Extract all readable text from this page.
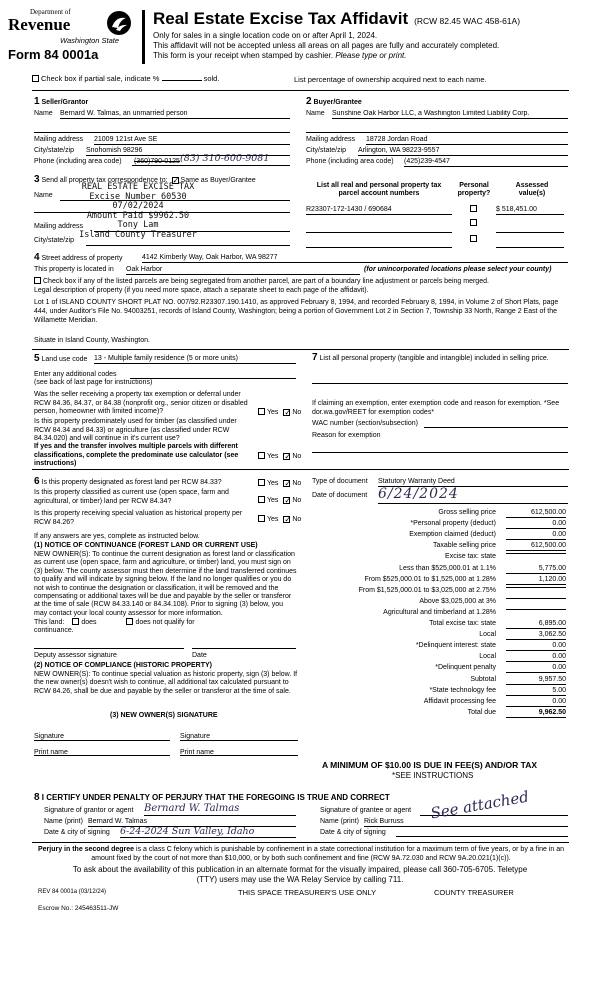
Department of
Revenue
Washington State
Form 84 0001a
Real Estate Excise Tax Affidavit (RCW 82.45 WAC 458-61A)
Only for sales in a single location code on or after April 1, 2024.
This affidavit will not be accepted unless all areas on all pages are fully and accurately completed.
This form is your receipt when stamped by cashier. Please type or print.
Check box if partial sale, indicate %	sold.	List percentage of ownership acquired next to each name.
1 Seller/Grantor
Name Bernard W. Talmas, an unmarried person
Mailing address 21009 121st Ave SE
City/state/zip Snohomish 98296
Phone (including area code) (360)790-0125 (83) 310-600-9081
2 Buyer/Grantee
Name Sunshine Oak Harbor LLC, a Washington Limited Liability Corp.
Mailing address 18728 Jordan Road
City/state/zip Arlington, WA 98223-9557
Phone (including area code) (425)239-4547
3 Send all property tax correspondence to: ✓ Same as Buyer/Grantee
Name
Mailing address
City/state/zip
REAL ESTATE EXCISE TAX
Excise Number 60530
07/02/2024
Amount Paid $9962.50
Tony Lam
Island County Treasurer
List all real and personal property tax
parcel account numbers
Personal
property?
Assessed
value(s)
R23307-172-1430 / 690684	$ 518,451.00
4 Street address of property	4142 Kimberly Way, Oak Harbor, WA 98277
This property is located in Oak Harbor	(for unincorporated locations please select your county)
Check box if any of the listed parcels are being segregated from another parcel, are part of a boundary line adjustment or parcels being merged.
Legal description of property (if you need more space, attach a separate sheet to each page of the affidavit).
Lot 1 of ISLAND COUNTY SHORT PLAT NO. 007/92.R23307.190.1410, as approved February 8, 1994, and recorded February 8, 1994, in Volume 2 of Short Plats, page 444, under Auditor's File No. 94003251, records of Island County, Washington; being a portion of Government Lot 2 in Section 7, Township 33 North, Range 2 East of the Willamette Meridian.
Situate in Island County, Washington.
5 Land use code 13 - Multiple family residence (5 or more units)
Enter any additional codes
(see back of last page for instructions)
Was the seller receiving a property tax exemption or deferral under RCW 84.36, 84.37, or 84.38 (nonprofit org., senior citizen or disabled person, homeowner with limited income)?	Yes ✓ No
Is this property predominately used for timber (as classified under RCW 84.34 and 84.33) or agriculture (as classified under RCW 84.34.020) and will continue in it's current use?
If yes and the transfer involves multiple parcels with different classifications, complete the predominate use calculator (see instructions)
Yes ✓ No
7 List all personal property (tangible and intangible) included in selling price.
If claiming an exemption, enter exemption code and reason for exemption. *See dor.wa.gov/REET for exemption codes*
WAC number (section/subsection)
Reason for exemption
6 Is this property designated as forest land per RCW 84.33?	Yes ✓ No
Is this property classified as current use (open space, farm and agricultural, or timber) land per RCW 84.34?	Yes ✓ No
Is this property receiving special valuation as historical property per RCW 84.26?	Yes ✓ No
If any answers are yes, complete as instructed below.
(1) NOTICE OF CONTINUANCE (FOREST LAND OR CURRENT USE)
NEW OWNER(S): To continue the current designation as forest land or classification as current use (open space, farm and agriculture, or timber) land, you must sign on (3) below. The county assessor must then determine if the land transferred continues to qualify and will indicate by signing below. If the land no longer qualifies or you do not wish to continue the designation or classification, it will be removed and the compensating or additional taxes will be due and payable by the seller or transferor at the time of sale (RCW 84.33.140 or 84.34.108). Prior to signing (3) below, you may contact your local county assessor for more information.
This land: does	does not qualify for
continuance.
Deputy assessor signature	Date
(2) NOTICE OF COMPLIANCE (HISTORIC PROPERTY)
NEW OWNER(S): To continue special valuation as historic property, sign (3) below. If the new owner(s) doesn't wish to continue, all additional tax calculated pursuant to RCW 84.26, shall be due and payable by the seller or transferor at the time of sale.
(3) NEW OWNER(S) SIGNATURE
Signature	Signature
Print name	Print name
Type of document Statutory Warranty Deed
Date of document 6/24/2024
Gross selling price	612,500.00
*Personal property (deduct)	0.00
Exemption claimed (deduct)	0.00
Taxable selling price	612,500.00
Excise tax: state
Less than $525,000.01 at 1.1%	5,775.00
From $525,000.01 to $1,525,000 at 1.28%	1,120.00
From $1,525,000.01 to $3,025,000 at 2.75%
Above $3,025,000 at 3%
Agricultural and timberland at 1.28%
Total excise tax: state	6,895.00
Local	3,062.50
*Delinquent interest: state	0.00
Local	0.00
*Delinquent penalty	0.00
Subtotal	9,957.50
*State technology fee	5.00
Affidavit processing fee	0.00
Total due	9,962.50
A MINIMUM OF $10.00 IS DUE IN FEE(S) AND/OR TAX
*SEE INSTRUCTIONS
8 I CERTIFY UNDER PENALTY OF PERJURY THAT THE FOREGOING IS TRUE AND CORRECT
Signature of grantor or agent Bernard W. Talmas
Name (print) Bernard W. Talmas
Date & city of signing 6-24-2024 Sun Valley, Idaho
Signature of grantee or agent	See attached
Name (print) Rick Burruss
Date & city of signing
Perjury in the second degree is a class C felony which is punishable by confinement in a state correctional institution for a maximum term of five years, or by a fine in an amount fixed by the court of not more than $10,000, or by both such confinement and fine (RCW 9A.72.030 and RCW 9A.20.021(1)(c)).
To ask about the availability of this publication in an alternate format for the visually impaired, please call 360-705-6705. Teletype (TTY) users may use the WA Relay Service by calling 711.
REV 84 0001a (03/12/24)	THIS SPACE TREASURER'S USE ONLY	COUNTY TREASURER
Escrow No.: 245463511-JW
